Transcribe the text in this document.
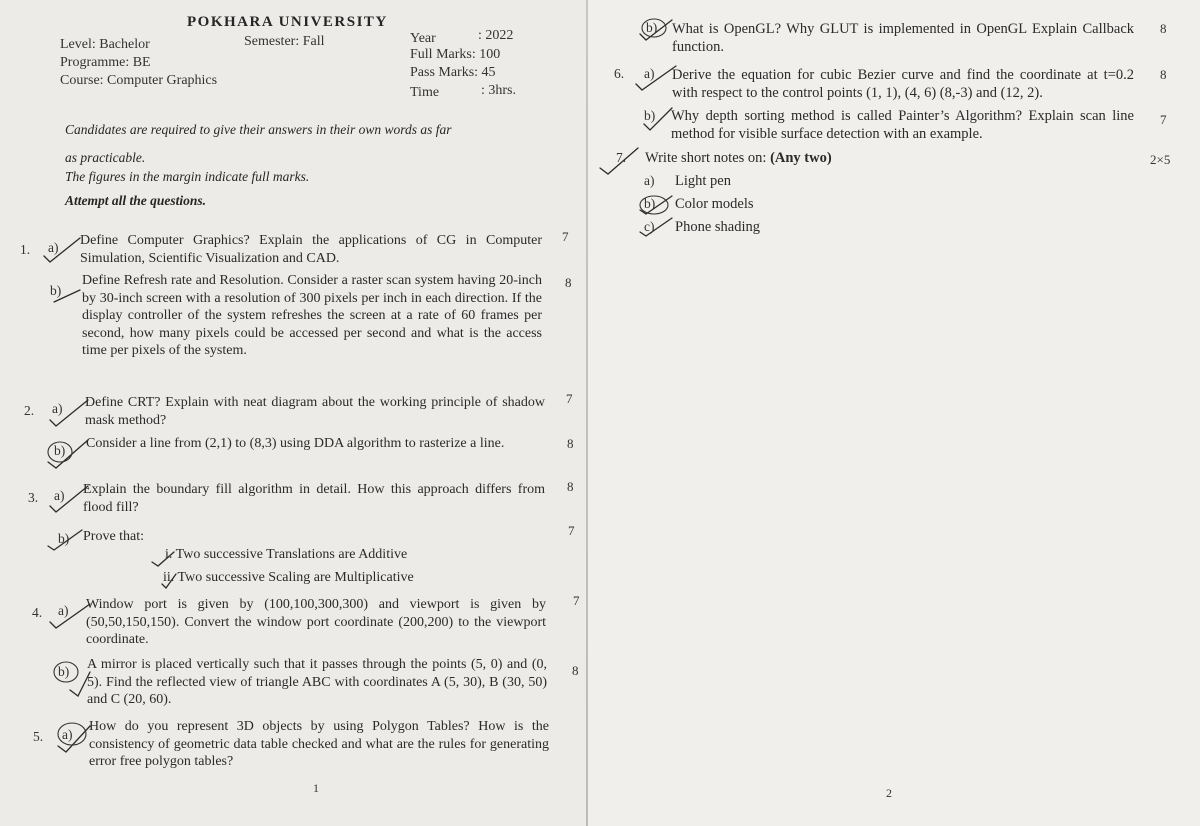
POKHARA UNIVERSITY
Level: Bachelor	Semester: Fall
Programme: BE
Course: Computer Graphics
Year	: 2022
Full Marks: 100
Pass Marks: 45
Time	: 3hrs.
Candidates are required to give their answers in their own words as far
as practicable.
The figures in the margin indicate full marks.
Attempt all the questions.
1. a) Define Computer Graphics? Explain the applications of CG in Computer Simulation, Scientific Visualization and CAD.
7
b)
Define Refresh rate and Resolution. Consider a raster scan system having 20-inch by 30-inch screen with a resolution of 300 pixels per inch in each direction. If the display controller of the system refreshes the screen at a rate of 60 frames per second, how many pixels could be accessed per second and what is the access time per pixels of the system.
8
2. a) Define CRT? Explain with neat diagram about the working principle of shadow mask method?
7
b) Consider a line from (2,1) to (8,3) using DDA algorithm to rasterize a line.	8
3. a) Explain the boundary fill algorithm in detail. How this approach differs from flood fill?
8
b) Prove that:	7
i. Two successive Translations are Additive
ii. Two successive Scaling are Multiplicative
4. a) Window port is given by (100,100,300,300) and viewport is given by (50,50,150,150). Convert the window port coordinate (200,200) to the viewport coordinate.
7
b) A mirror is placed vertically such that it passes through the points (5, 0) and (0, 5). Find the reflected view of triangle ABC with coordinates A (5, 30), B (30, 50) and C (20, 60).
8
5. a)
How do you represent 3D objects by using Polygon Tables? How is the consistency of geometric data table checked and what are the rules for generating error free polygon tables?
1
b) What is OpenGL? Why GLUT is implemented in OpenGL Explain Callback function.
8
6. a) Derive the equation for cubic Bezier curve and find the coordinate at t=0.2 with respect to the control points (1, 1), (4, 6) (8,-3) and (12, 2).
8
b) Why depth sorting method is called Painter’s Algorithm? Explain scan line method for visible surface detection with an example.
7
7. Write short notes on: (Any two)	2×5
a) Light pen
b) Color models
c) Phone shading
2
